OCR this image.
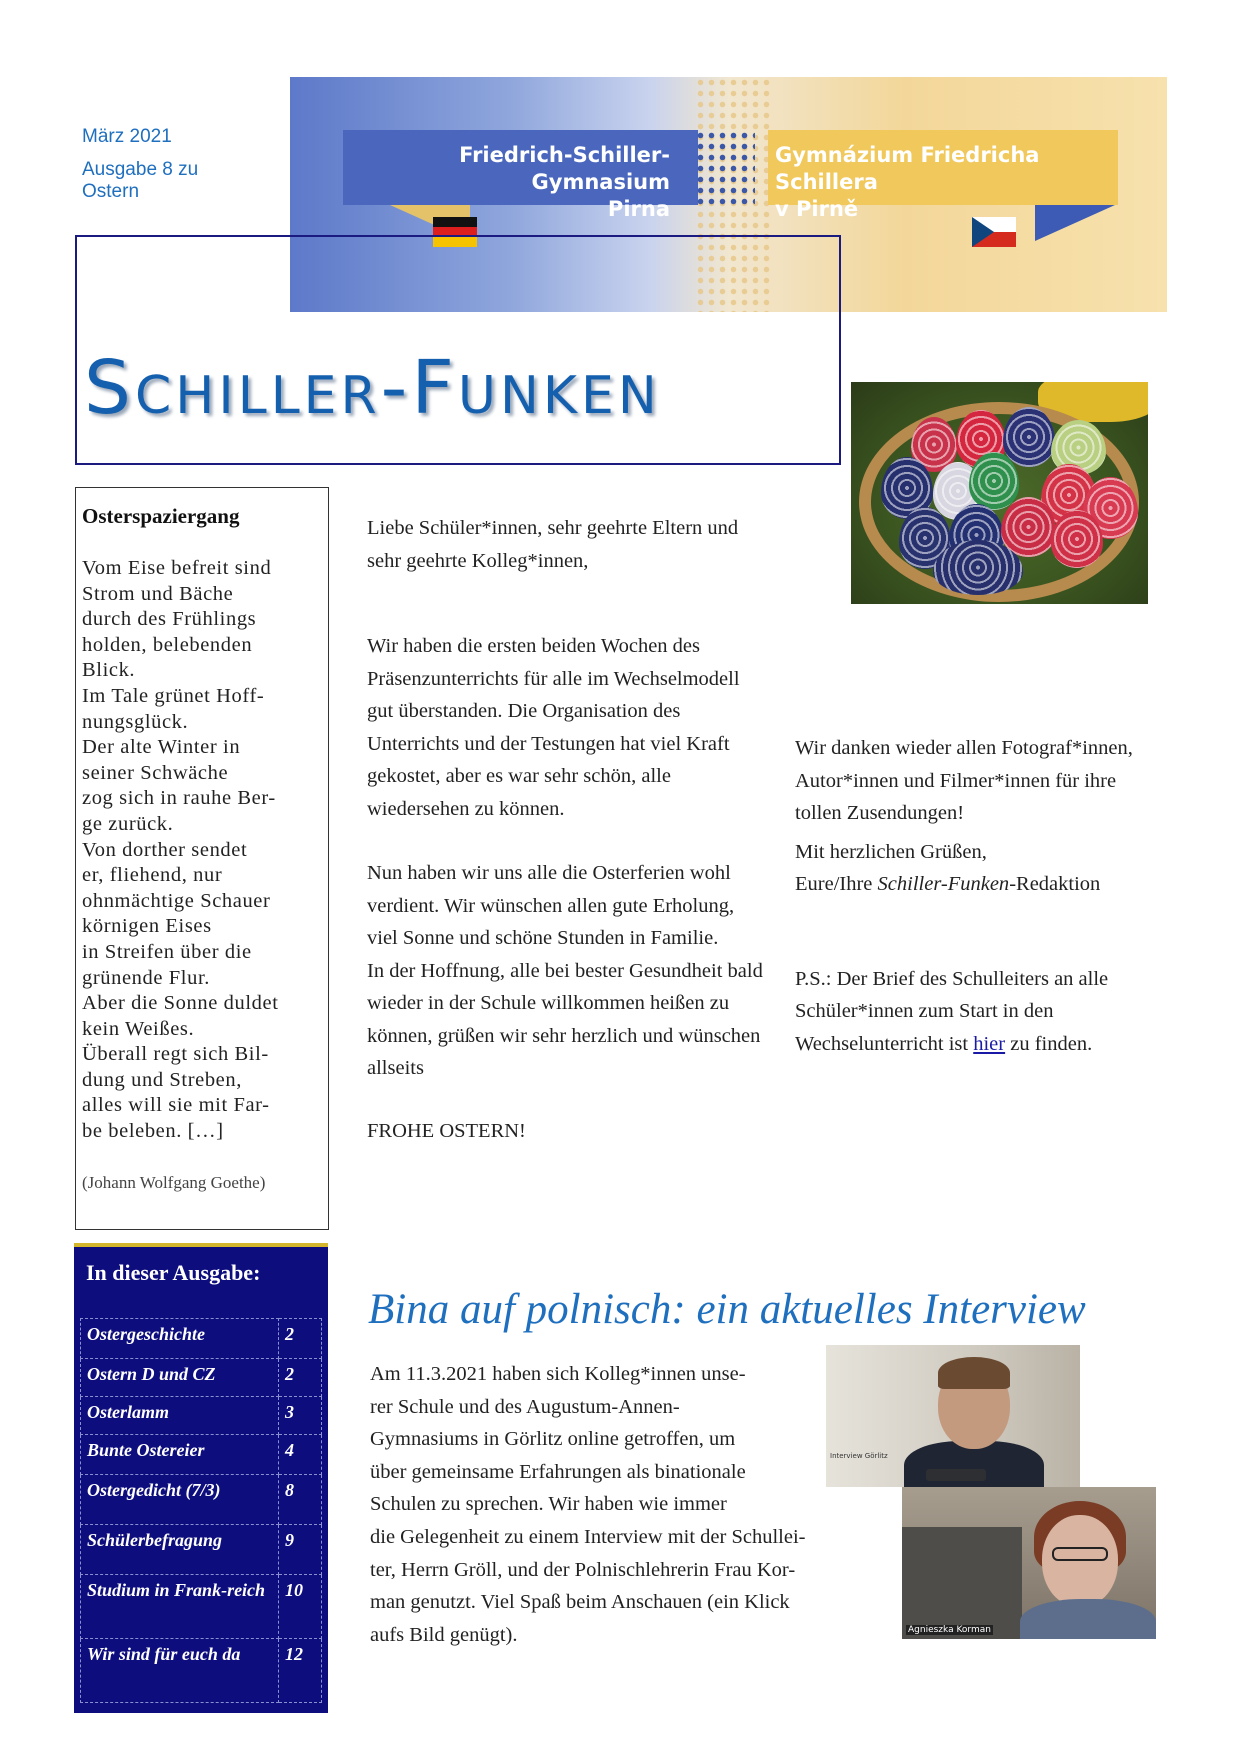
März 2021
Ausgabe 8 zu
Ostern
Friedrich-Schiller-Gymnasium
Pirna
Gymnázium Friedricha Schillera
v Pirně
Schiller-Funken
Osterspaziergang
Vom Eise befreit sind
Strom und Bäche
durch des Frühlings
holden, belebenden
Blick.
Im Tale grünet Hoff-
nungsglück.
Der alte Winter in
seiner Schwäche
zog sich in rauhe Ber-
ge zurück.
Von dorther sendet
er, fliehend, nur
ohnmächtige Schauer
körnigen Eises
in Streifen über die
grünende Flur.
Aber die Sonne duldet
kein Weißes.
Überall regt sich Bil-
dung und Streben,
alles will sie mit Far-
be beleben. […]
(Johann Wolfgang Goethe)

Liebe Schüler*innen, sehr geehrte Eltern und sehr geehrte Kolleg*innen,

Wir haben die ersten beiden Wochen des Präsenzunterrichts für alle im Wechselmodell gut überstanden. Die Organisation des Unterrichts und der Testungen hat viel Kraft gekostet, aber es war sehr schön, alle wiedersehen zu können.

Nun haben wir uns alle die Osterferien wohl verdient. Wir wünschen allen gute Erholung, viel Sonne und schöne Stunden in Familie.

In der Hoffnung, alle bei bester Gesundheit bald wieder in der Schule willkommen heißen zu können, grüßen wir sehr herzlich und wünschen allseits

FROHE OSTERN!

Wir danken wieder allen Fotograf*innen, Autor*innen und Filmer*innen für ihre tollen Zusendungen!

Mit herzlichen Grüßen,

Eure/Ihre Schiller-Funken-Redaktion

P.S.: Der Brief des Schulleiters an alle Schüler*innen zum Start in den Wechselunterricht ist hier zu finden.

In dieser Ausgabe:
Ostergeschichte	2
Ostern D und CZ	2
Osterlamm	3
Bunte Ostereier	4
Ostergedicht (7/3)	8
Schülerbefragung	9
Studium in Frank-reich	10
Wir sind für euch da	12
Bina auf polnisch: ein aktuelles Interview
Am 11.3.2021 haben sich Kolleg*innen unse-
rer Schule und des Augustum-Annen-
Gymnasiums in Görlitz online getroffen, um
über gemeinsame Erfahrungen als binationale
Schulen zu sprechen. Wir haben wie immer
die Gelegenheit zu einem Interview mit der Schullei-
ter, Herrn Gröll, und der Polnischlehrerin Frau Kor-
man genutzt. Viel Spaß beim Anschauen (ein Klick
aufs Bild genügt).
Interview Görlitz
Agnieszka Korman
